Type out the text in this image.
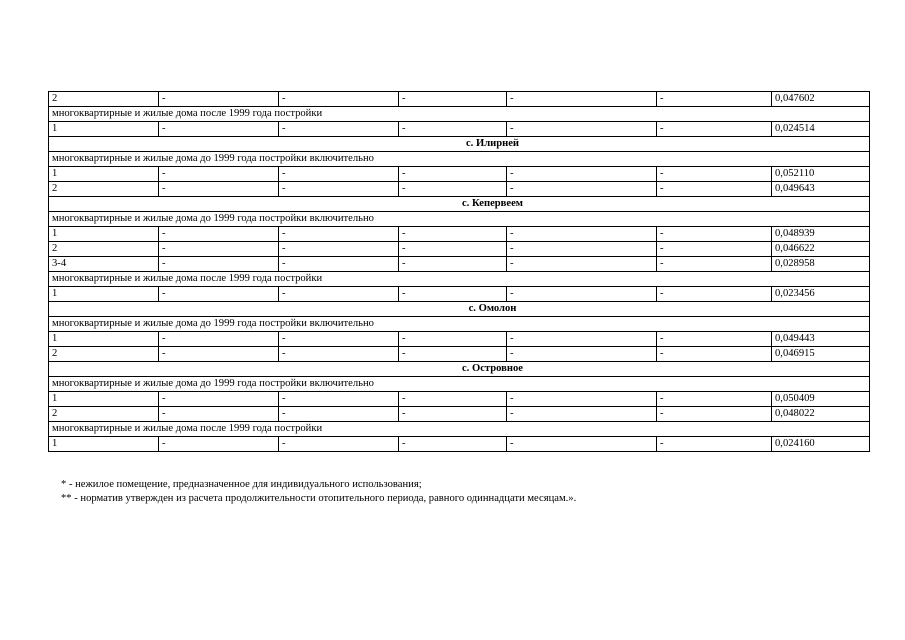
2	-	-	-	-	-	0,047602
многоквартирные и жилые дома после 1999 года постройки						
1	-	-	-	-	-	0,024514
с. Илирней						
многоквартирные и жилые дома до 1999 года постройки включительно						
1	-	-	-	-	-	0,052110
2	-	-	-	-	-	0,049643
с. Кепервеем						
многоквартирные и жилые дома до 1999 года постройки включительно						
1	-	-	-	-	-	0,048939
2	-	-	-	-	-	0,046622
3-4	-	-	-	-	-	0,028958
многоквартирные и жилые дома после 1999 года постройки						
1	-	-	-	-	-	0,023456
с. Омолон						
многоквартирные и жилые дома до 1999 года постройки включительно						
1	-	-	-	-	-	0,049443
2	-	-	-	-	-	0,046915
с. Островное						
многоквартирные и жилые дома до 1999 года постройки включительно						
1	-	-	-	-	-	0,050409
2	-	-	-	-	-	0,048022
многоквартирные и жилые дома после 1999 года постройки						
1	-	-	-	-	-	0,024160
* - нежилое помещение, предназначенное для индивидуального использования;
** - норматив утвержден из расчета продолжительности отопительного периода, равного одиннадцати месяцам.».
